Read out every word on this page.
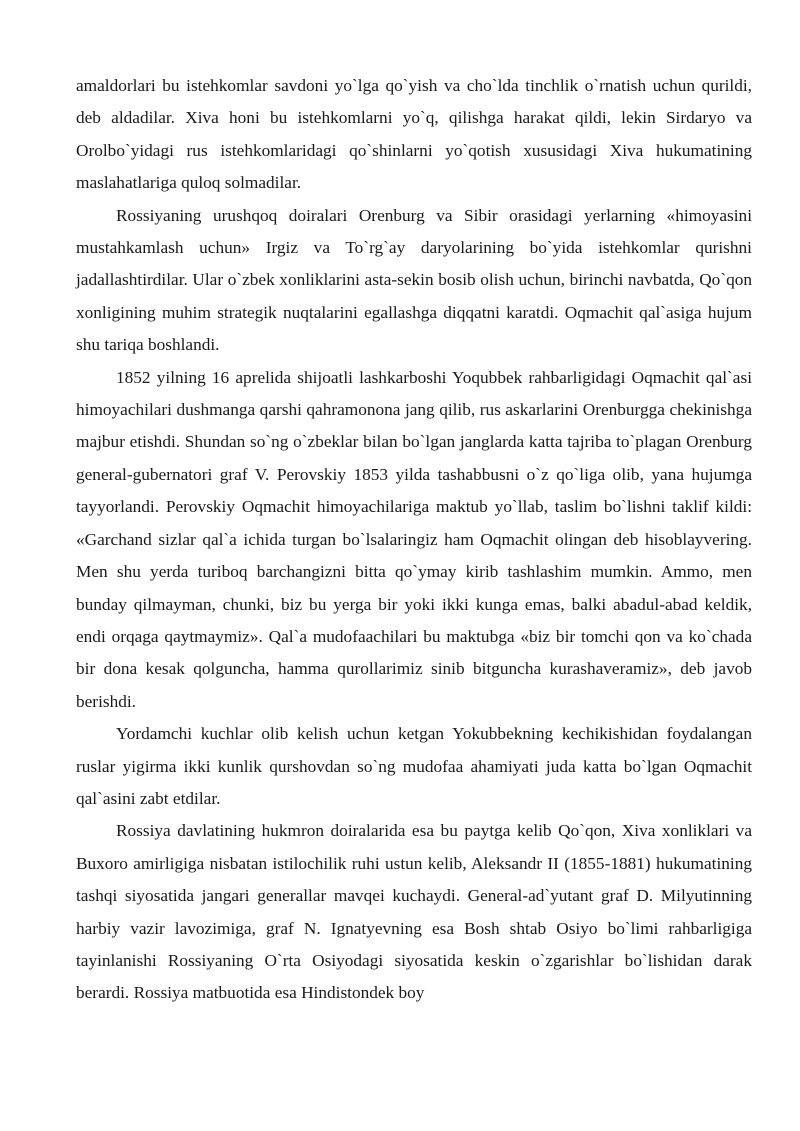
amaldorlari bu istehkomlar savdoni yo`lga qo`yish va cho`lda tinchlik o`rnatish uchun qurildi, deb aldadilar. Xiva honi bu istehkomlarni yo`q, qilishga harakat qildi, lekin Sirdaryo va Orolbo`yidagi rus istehkomlaridagi qo`shinlarni yo`qotish xususidagi Xiva hukumatining maslahatlariga quloq solmadilar.

Rossiyaning urushqoq doiralari Orenburg va Sibir orasidagi yerlarning «himoyasini mustahkamlash uchun» Irgiz va To`rg`ay daryolarining bo`yida istehkomlar qurishni jadallashtirdilar. Ular o`zbek xonliklarini asta-sekin bosib olish uchun, birinchi navbatda, Qo`qon xonligining muhim strategik nuqtalarini egallashga diqqatni karatdi. Oqmachit qal`asiga hujum shu tariqa boshlandi.

1852 yilning 16 aprelida shijoatli lashkarboshi Yoqubbek rahbarligidagi Oqmachit qal`asi himoyachilari dushmanga qarshi qahramonona jang qilib, rus askarlarini Orenburgga chekinishga majbur etishdi. Shundan so`ng o`zbeklar bilan bo`lgan janglarda katta tajriba to`plagan Orenburg general-gubernatori graf V. Perovskiy 1853 yilda tashabbusni o`z qo`liga olib, yana hujumga tayyorlandi. Perovskiy Oqmachit himoyachilariga maktub yo`llab, taslim bo`lishni taklif kildi: «Garchand sizlar qal`a ichida turgan bo`lsalaringiz ham Oqmachit olingan deb hisoblayvering. Men shu yerda turiboq barchangizni bitta qo`ymay kirib tashlashim mumkin. Ammo, men bunday qilmayman, chunki, biz bu yerga bir yoki ikki kunga emas, balki abadul-abad keldik, endi orqaga qaytmaymiz». Qal`a mudofaachilari bu maktubga «biz bir tomchi qon va ko`chada bir dona kesak qolguncha, hamma qurollarimiz sinib bitguncha kurashaveramiz», deb javob berishdi.

Yordamchi kuchlar olib kelish uchun ketgan Yokubbekning kechikishidan foydalangan ruslar yigirma ikki kunlik qurshovdan so`ng mudofaa ahamiyati juda katta bo`lgan Oqmachit qal`asini zabt etdilar.

Rossiya davlatining hukmron doiralarida esa bu paytga kelib Qo`qon, Xiva xonliklari va Buxoro amirligiga nisbatan istilochilik ruhi ustun kelib, Aleksandr II (1855-1881) hukumatining tashqi siyosatida jangari generallar mavqei kuchaydi. General-ad`yutant graf D. Milyutinning harbiy vazir lavozimiga, graf N. Ignatyevning esa Bosh shtab Osiyo bo`limi rahbarligiga tayinlanishi Rossiyaning O`rta Osiyodagi siyosatida keskin o`zgarishlar bo`lishidan darak berardi. Rossiya matbuotida esa Hindistondek boy
